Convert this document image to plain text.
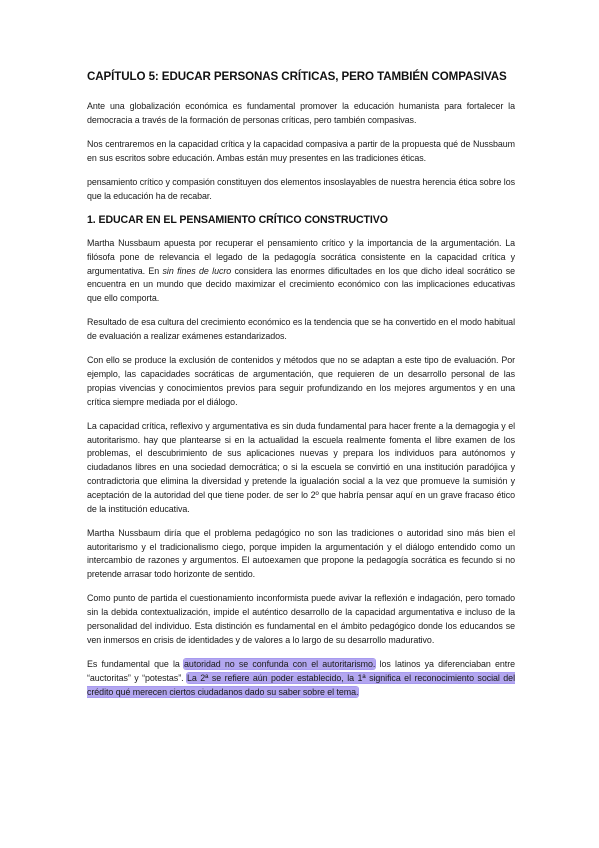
CAPÍTULO 5: EDUCAR PERSONAS CRÍTICAS, PERO TAMBIÉN COMPASIVAS

Ante una globalización económica es fundamental promover la educación humanista para fortalecer la democracia a través de la formación de personas críticas, pero también compasivas.

Nos centraremos en la capacidad crítica y la capacidad compasiva a partir de la propuesta qué de Nussbaum en sus escritos sobre educación. Ambas están muy presentes en las tradiciones éticas.

pensamiento crítico y compasión constituyen dos elementos insoslayables de nuestra herencia ética sobre los que la educación ha de recabar.

1. EDUCAR EN EL PENSAMIENTO CRÍTICO CONSTRUCTIVO

Martha Nussbaum apuesta por recuperar el pensamiento crítico y la importancia de la argumentación. La filósofa pone de relevancia el legado de la pedagogía socrática consistente en la capacidad crítica y argumentativa. En sin fines de lucro considera las enormes dificultades en los que dicho ideal socrático se encuentra en un mundo que decido maximizar el crecimiento económico con las implicaciones educativas que ello comporta.

Resultado de esa cultura del crecimiento económico es la tendencia que se ha convertido en el modo habitual de evaluación a realizar exámenes estandarizados.

Con ello se produce la exclusión de contenidos y métodos que no se adaptan a este tipo de evaluación. Por ejemplo, las capacidades socráticas de argumentación, que requieren de un desarrollo personal de las propias vivencias y conocimientos previos para seguir profundizando en los mejores argumentos y en una crítica siempre mediada por el diálogo.

La capacidad crítica, reflexivo y argumentativa es sin duda fundamental para hacer frente a la demagogia y el autoritarismo. hay que plantearse si en la actualidad la escuela realmente fomenta el libre examen de los problemas, el descubrimiento de sus aplicaciones nuevas y prepara los individuos para autónomos y ciudadanos libres en una sociedad democrática; o si la escuela se convirtió en una institución paradójica y contradictoria que elimina la diversidad y pretende la igualación social a la vez que promueve la sumisión y aceptación de la autoridad del que tiene poder. de ser lo 2º que habría pensar aquí en un grave fracaso ético de la institución educativa.

Martha Nussbaum diría que el problema pedagógico no son las tradiciones o autoridad sino más bien el autoritarismo y el tradicionalismo ciego, porque impiden la argumentación y el diálogo entendido como un intercambio de razones y argumentos. El autoexamen que propone la pedagogía socrática es fecundo si no pretende arrasar todo horizonte de sentido.

Como punto de partida el cuestionamiento inconformista puede avivar la reflexión e indagación, pero tomado sin la debida contextualización, impide el auténtico desarrollo de la capacidad argumentativa e incluso de la personalidad del individuo. Esta distinción es fundamental en el ámbito pedagógico donde los educandos se ven inmersos en crisis de identidades y de valores a lo largo de su desarrollo madurativo.

Es fundamental que la autoridad no se confunda con el autoritarismo. los latinos ya diferenciaban entre “auctoritas” y “potestas”. La 2ª se refiere aún poder establecido, la 1ª significa el reconocimiento social del crédito qué merecen ciertos ciudadanos dado su saber sobre el tema.
